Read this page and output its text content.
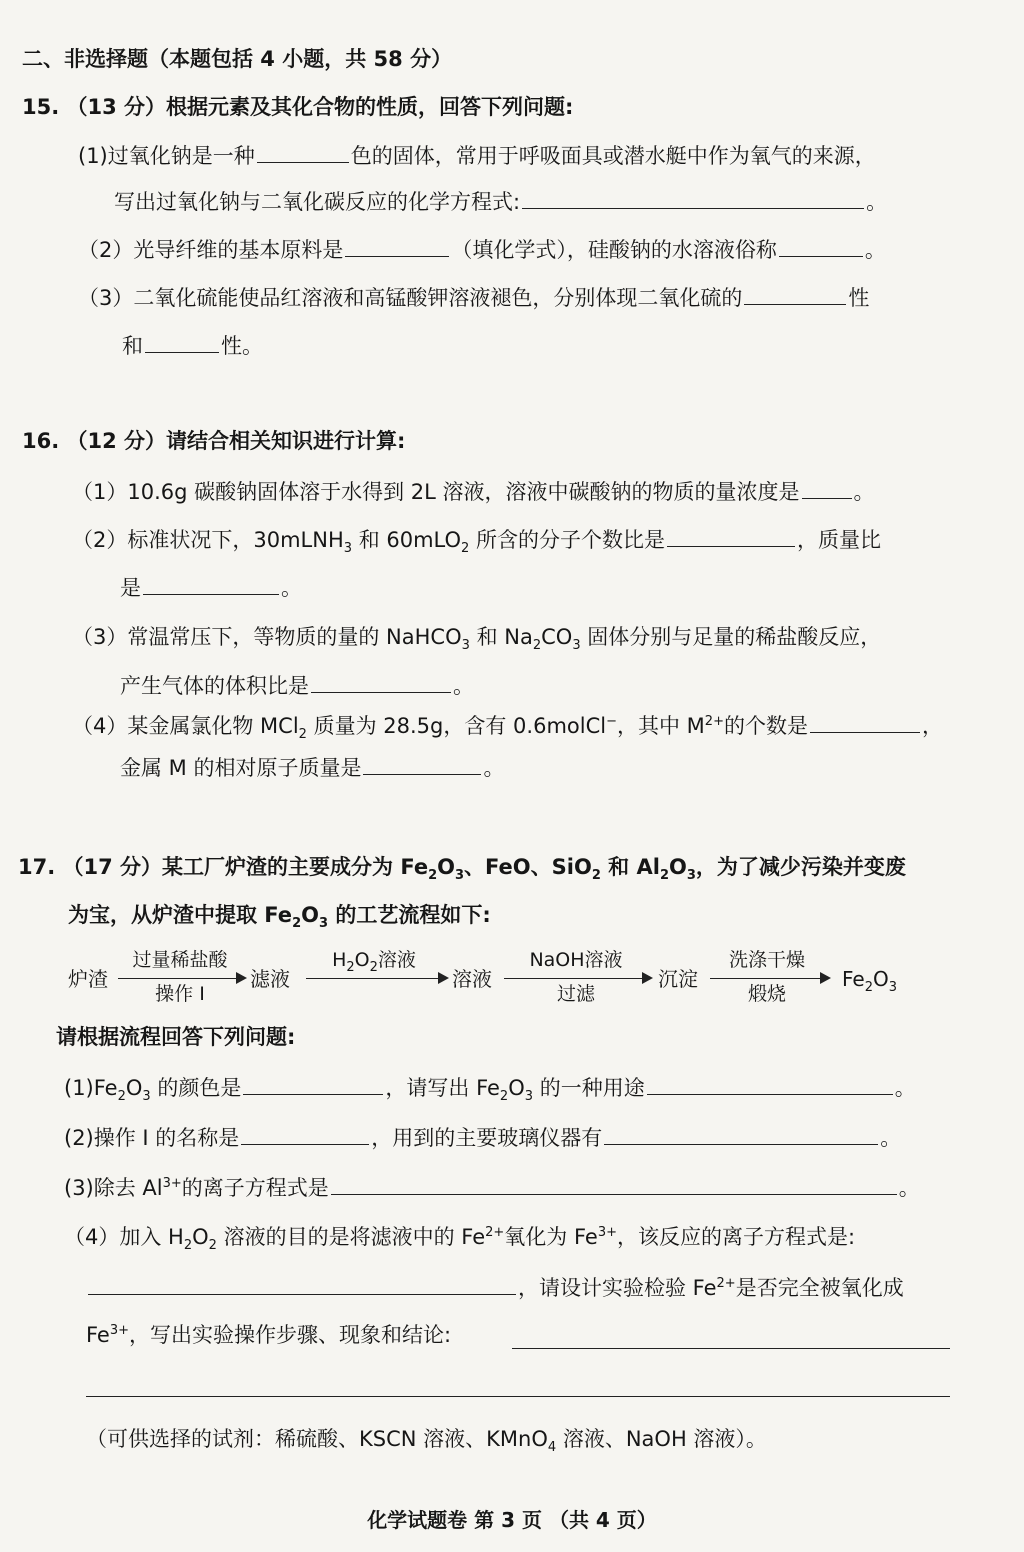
二、非选择题（本题包括 4 小题，共 58 分）
15. （13 分）根据元素及其化合物的性质，回答下列问题:
(1)过氧化钠是一种	色的固体，常用于呼吸面具或潜水艇中作为氧气的来源，
写出过氧化钠与二氧化碳反应的化学方程式:	。
（2）光导纤维的基本原料是	（填化学式），硅酸钠的水溶液俗称	。
（3）二氧化硫能使品红溶液和高锰酸钾溶液褪色，分别体现二氧化硫的	性
和	性。
16. （12 分）请结合相关知识进行计算:
（1）10.6g 碳酸钠固体溶于水得到 2L 溶液，溶液中碳酸钠的物质的量浓度是	。
（2）标准状况下，30mLNH$_3$ 和 60mLO$_2$ 所含的分子个数比是	，质量比
是	。
（3）常温常压下，等物质的量的 NaHCO$_3$ 和 $Na_2CO_3$ 固体分别与足量的稀盐酸反应，
产生气体的体积比是	。
（4）某金属氯化物 MCl$_2$ 质量为 28.5g，含有 0.6molCl−，其中 $M^{2+}$的个数是	，
金属 M 的相对原子质量是	。
17. （17 分）某工厂炉渣的主要成分为 $Fe_2O_3$、FeO、SiO$_2$ 和 $Al_2O_3$，为了减少污染并变废
为宝，从炉渣中提取 $Fe_2O_3$ 的工艺流程如下:
炉渣
过量稀盐酸
操作 I
滤液
$H_2O_2$溶液
溶液
NaOH溶液
过滤
沉淀
洗涤干燥
煅烧
$Fe_2O_3$
请根据流程回答下列问题:
$(1)Fe_2O_3$ 的颜色是	，请写出 $Fe_2O_3$ 的一种用途	。
(2)操作 I 的名称是	，用到的主要玻璃仪器有	。
(3)除去 $Al^{3+}$的离子方程式是	。
（4）加入 $H_2O_2$ 溶液的目的是将滤液中的 $Fe^{2+}$氧化为 $Fe^{3+}$，该反应的离子方程式是:
，请设计实验检验 $Fe^{2+}$是否完全被氧化成
$Fe^{3+}$，写出实验操作步骤、现象和结论:
（可供选择的试剂：稀硫酸、KSCN 溶液、KMnO$_4$ 溶液、NaOH 溶液）。
化学试题卷 第 3 页 （共 4 页）
